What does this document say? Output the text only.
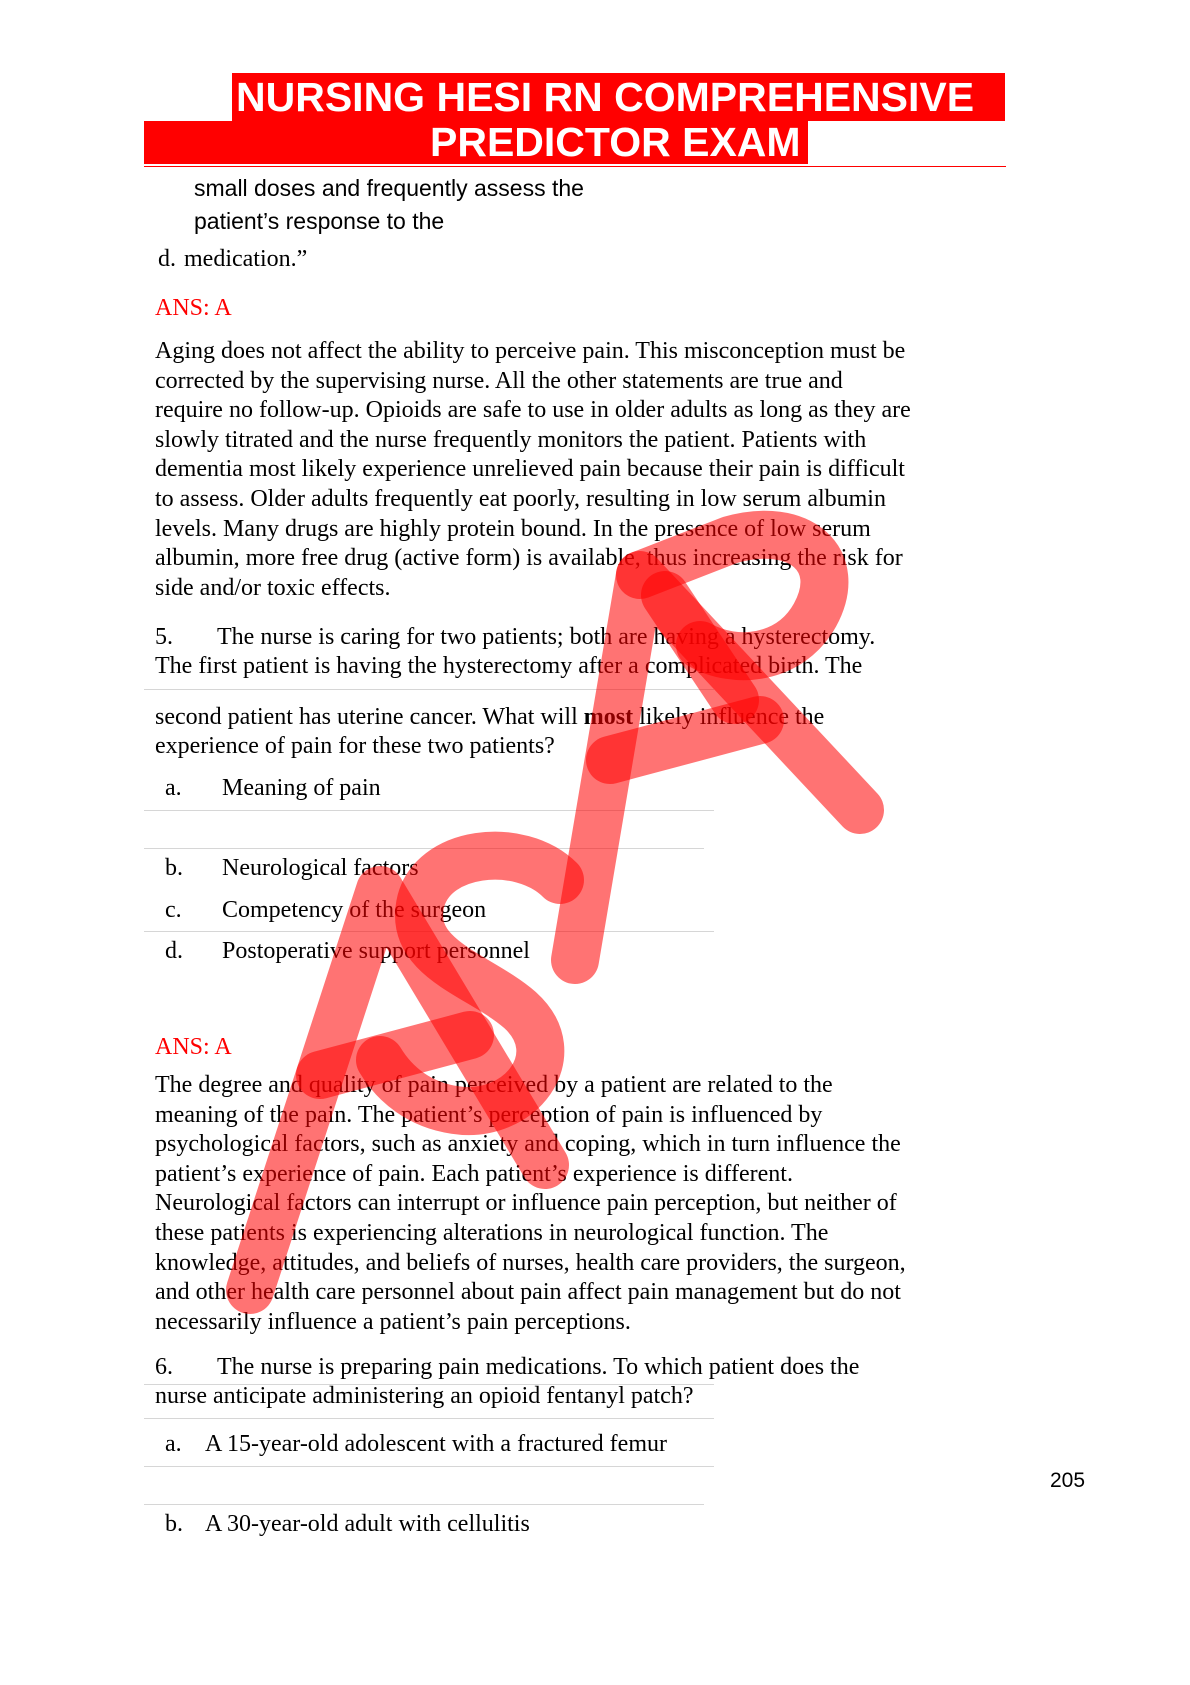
NURSING HESI RN COMPREHENSIVE
PREDICTOR EXAM
small doses and frequently assess the
patient’s response to the
d. medication.”
ANS: A
Aging does not affect the ability to perceive pain. This misconception must be
corrected by the supervising nurse. All the other statements are true and
require no follow-up. Opioids are safe to use in older adults as long as they are
slowly titrated and the nurse frequently monitors the patient. Patients with
dementia most likely experience unrelieved pain because their pain is difficult
to assess. Older adults frequently eat poorly, resulting in low serum albumin
levels. Many drugs are highly protein bound. In the presence of low serum
albumin, more free drug (active form) is available, thus increasing the risk for
side and/or toxic effects.
5. The nurse is caring for two patients; both are having a hysterectomy.
The first patient is having the hysterectomy after a complicated birth. The
second patient has uterine cancer. What will most likely influence the
experience of pain for these two patients?
a. Meaning of pain
b. Neurological factors
c. Competency of the surgeon
d. Postoperative support personnel
ANS: A
The degree and quality of pain perceived by a patient are related to the
meaning of the pain. The patient’s perception of pain is influenced by
psychological factors, such as anxiety and coping, which in turn influence the
patient’s experience of pain. Each patient’s experience is different.
Neurological factors can interrupt or influence pain perception, but neither of
these patients is experiencing alterations in neurological function. The
knowledge, attitudes, and beliefs of nurses, health care providers, the surgeon,
and other health care personnel about pain affect pain management but do not
necessarily influence a patient’s pain perceptions.
6. The nurse is preparing pain medications. To which patient does the
nurse anticipate administering an opioid fentanyl patch?
a. A 15-year-old adolescent with a fractured femur
b. A 30-year-old adult with cellulitis
205
